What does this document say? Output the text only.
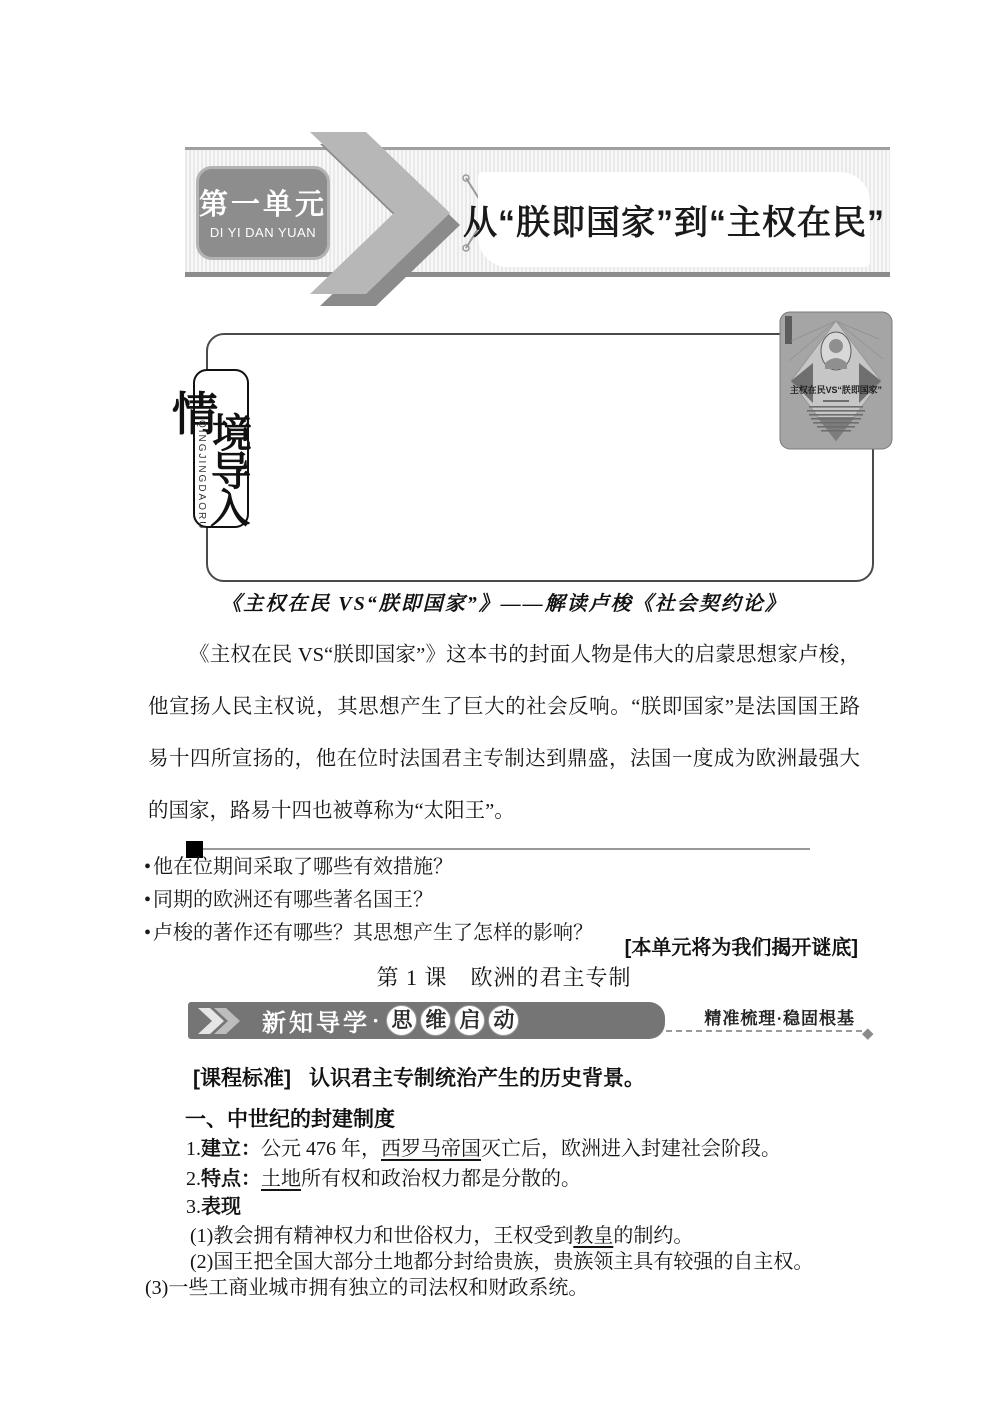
第一单元
DI YI DAN YUAN	从“朕即国家”到“主权在民”
情
境
导
入
QINGJINGDAORU
主权在民VS“朕即国家”
《主权在民 VS“朕即国家”》——解读卢梭《社会契约论》
《主权在民 VS“朕即国家”》这本书的封面人物是伟大的启蒙思想家卢梭，他宣扬人民主权说，其思想产生了巨大的社会反响。“朕即国家”是法国国王路易十四所宣扬的，他在位时法国君主专制达到鼎盛，法国一度成为欧洲最强大的国家，路易十四也被尊称为“太阳王”。
• 他在位期间采取了哪些有效措施？
• 同期的欧洲还有哪些著名国王？
• 卢梭的著作还有哪些？其思想产生了怎样的影响？
[本单元将为我们揭开谜底]
第 1 课　欧洲的君主专制
新知导学 · 思 维 启 动	精准梳理·稳固根基
◆
[课程标准] 认识君主专制统治产生的历史背景。
一、中世纪的封建制度
1.建立：公元 476 年，西罗马帝国灭亡后，欧洲进入封建社会阶段。
2.特点：土地所有权和政治权力都是分散的。
3.表现
(1)教会拥有精神权力和世俗权力，王权受到教皇的制约。
(2)国王把全国大部分土地都分封给贵族，贵族领主具有较强的自主权。
(3)一些工商业城市拥有独立的司法权和财政系统。
